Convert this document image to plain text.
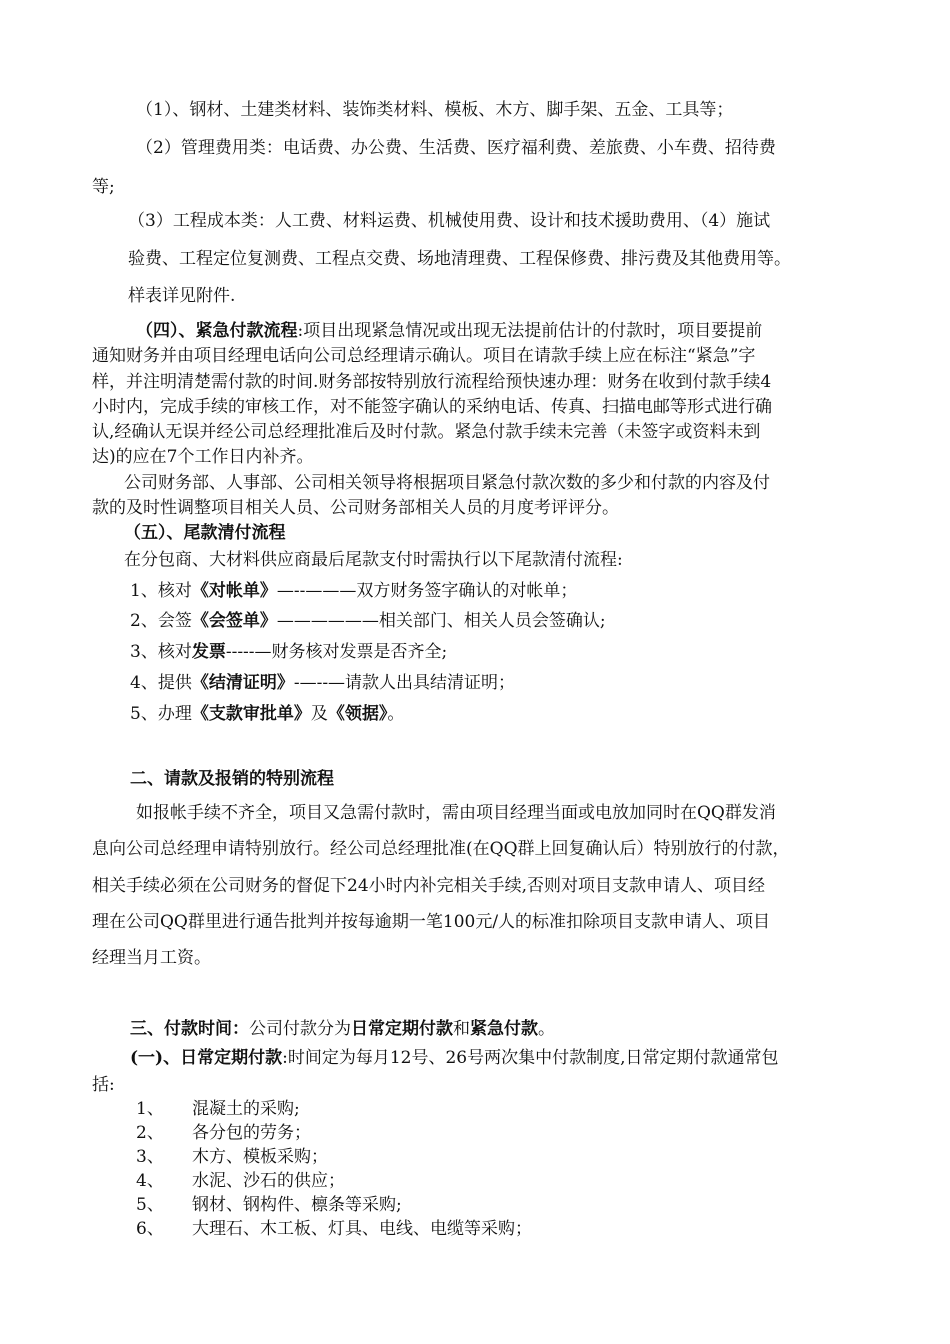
（1）、钢材、土建类材料、装饰类材料、模板、木方、脚手架、五金、工具等；
（2）管理费用类：电话费、办公费、生活费、医疗福利费、差旅费、小车费、招待费
等;
（3）工程成本类：人工费、材料运费、机械使用费、设计和技术援助费用、（4）施试
验费、工程定位复测费、工程点交费、场地清理费、工程保修费、排污费及其他费用等。
样表详见附件.
（四）、紧急付款流程:项目出现紧急情况或出现无法提前估计的付款时，项目要提前
通知财务并由项目经理电话向公司总经理请示确认。项目在请款手续上应在标注“紧急”字
样，并注明清楚需付款的时间.财务部按特别放行流程给预快速办理：财务在收到付款手续4
小时内，完成手续的审核工作，对不能签字确认的采纳电话、传真、扫描电邮等形式进行确
认,经确认无误并经公司总经理批准后及时付款。紧急付款手续未完善（未签字或资料未到
达)的应在7个工作日内补齐。
公司财务部、人事部、公司相关领导将根据项目紧急付款次数的多少和付款的内容及付
款的及时性调整项目相关人员、公司财务部相关人员的月度考评评分。
（五）、尾款清付流程
在分包商、大材料供应商最后尾款支付时需执行以下尾款清付流程:
1、核对《对帐单》—--———双方财务签字确认的对帐单；
2、会签《会签单》——————相关部门、相关人员会签确认;
3、核对发票-----—财务核对发票是否齐全;
4、提供《结清证明》-—--—请款人出具结清证明；
5、办理《支款审批单》及《领据》。
二、请款及报销的特别流程
如报帐手续不齐全，项目又急需付款时，需由项目经理当面或电放加同时在QQ群发消
息向公司总经理申请特别放行。经公司总经理批准(在QQ群上回复确认后）特别放行的付款，
相关手续必须在公司财务的督促下24小时内补完相关手续,否则对项目支款申请人、项目经
理在公司QQ群里进行通告批判并按每逾期一笔100元/人的标准扣除项目支款申请人、项目
经理当月工资。
三、付款时间：公司付款分为日常定期付款和紧急付款。
(一)、日常定期付款:时间定为每月12号、26号两次集中付款制度,日常定期付款通常包
括:
1、 混凝土的采购;
2、 各分包的劳务；
3、 木方、模板采购；
4、 水泥、沙石的供应；
5、 钢材、钢构件、檩条等采购;
6、 大理石、木工板、灯具、电线、电缆等采购；
